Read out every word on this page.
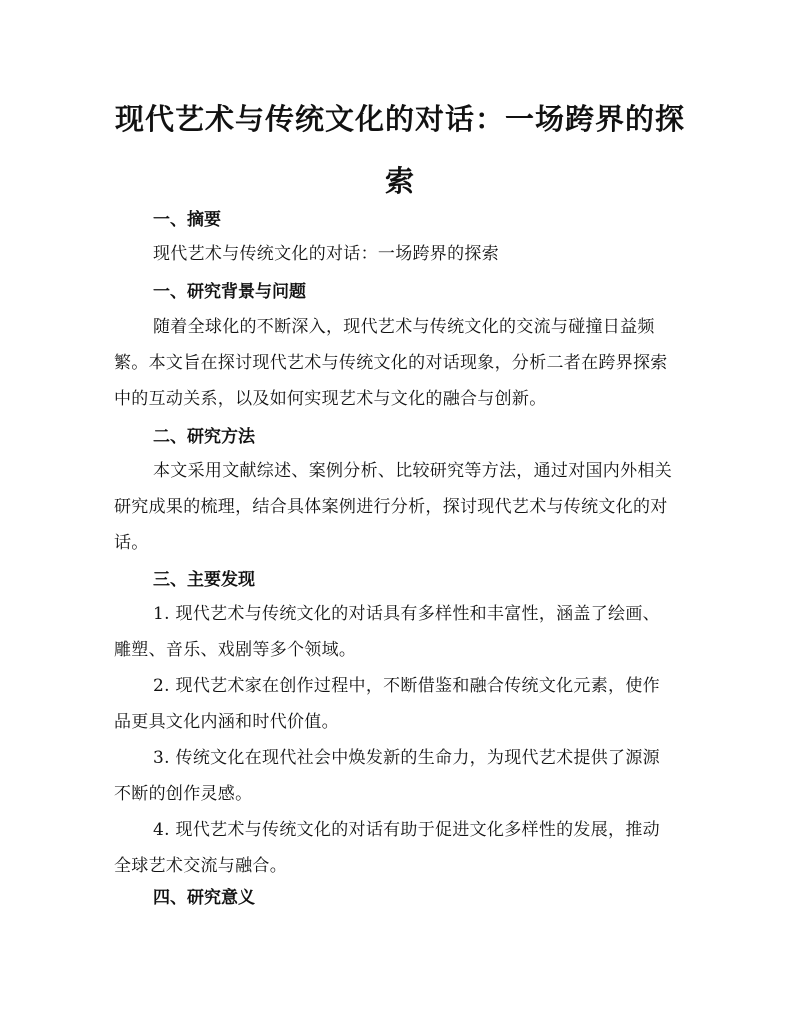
现代艺术与传统文化的对话：一场跨界的探索
一、摘要

现代艺术与传统文化的对话：一场跨界的探索

一、研究背景与问题

随着全球化的不断深入，现代艺术与传统文化的交流与碰撞日益频繁。本文旨在探讨现代艺术与传统文化的对话现象，分析二者在跨界探索中的互动关系，以及如何实现艺术与文化的融合与创新。

二、研究方法

本文采用文献综述、案例分析、比较研究等方法，通过对国内外相关研究成果的梳理，结合具体案例进行分析，探讨现代艺术与传统文化的对话。

三、主要发现

1. 现代艺术与传统文化的对话具有多样性和丰富性，涵盖了绘画、雕塑、音乐、戏剧等多个领域。

2. 现代艺术家在创作过程中，不断借鉴和融合传统文化元素，使作品更具文化内涵和时代价值。

3. 传统文化在现代社会中焕发新的生命力，为现代艺术提供了源源不断的创作灵感。

4. 现代艺术与传统文化的对话有助于促进文化多样性的发展，推动全球艺术交流与融合。

四、研究意义
